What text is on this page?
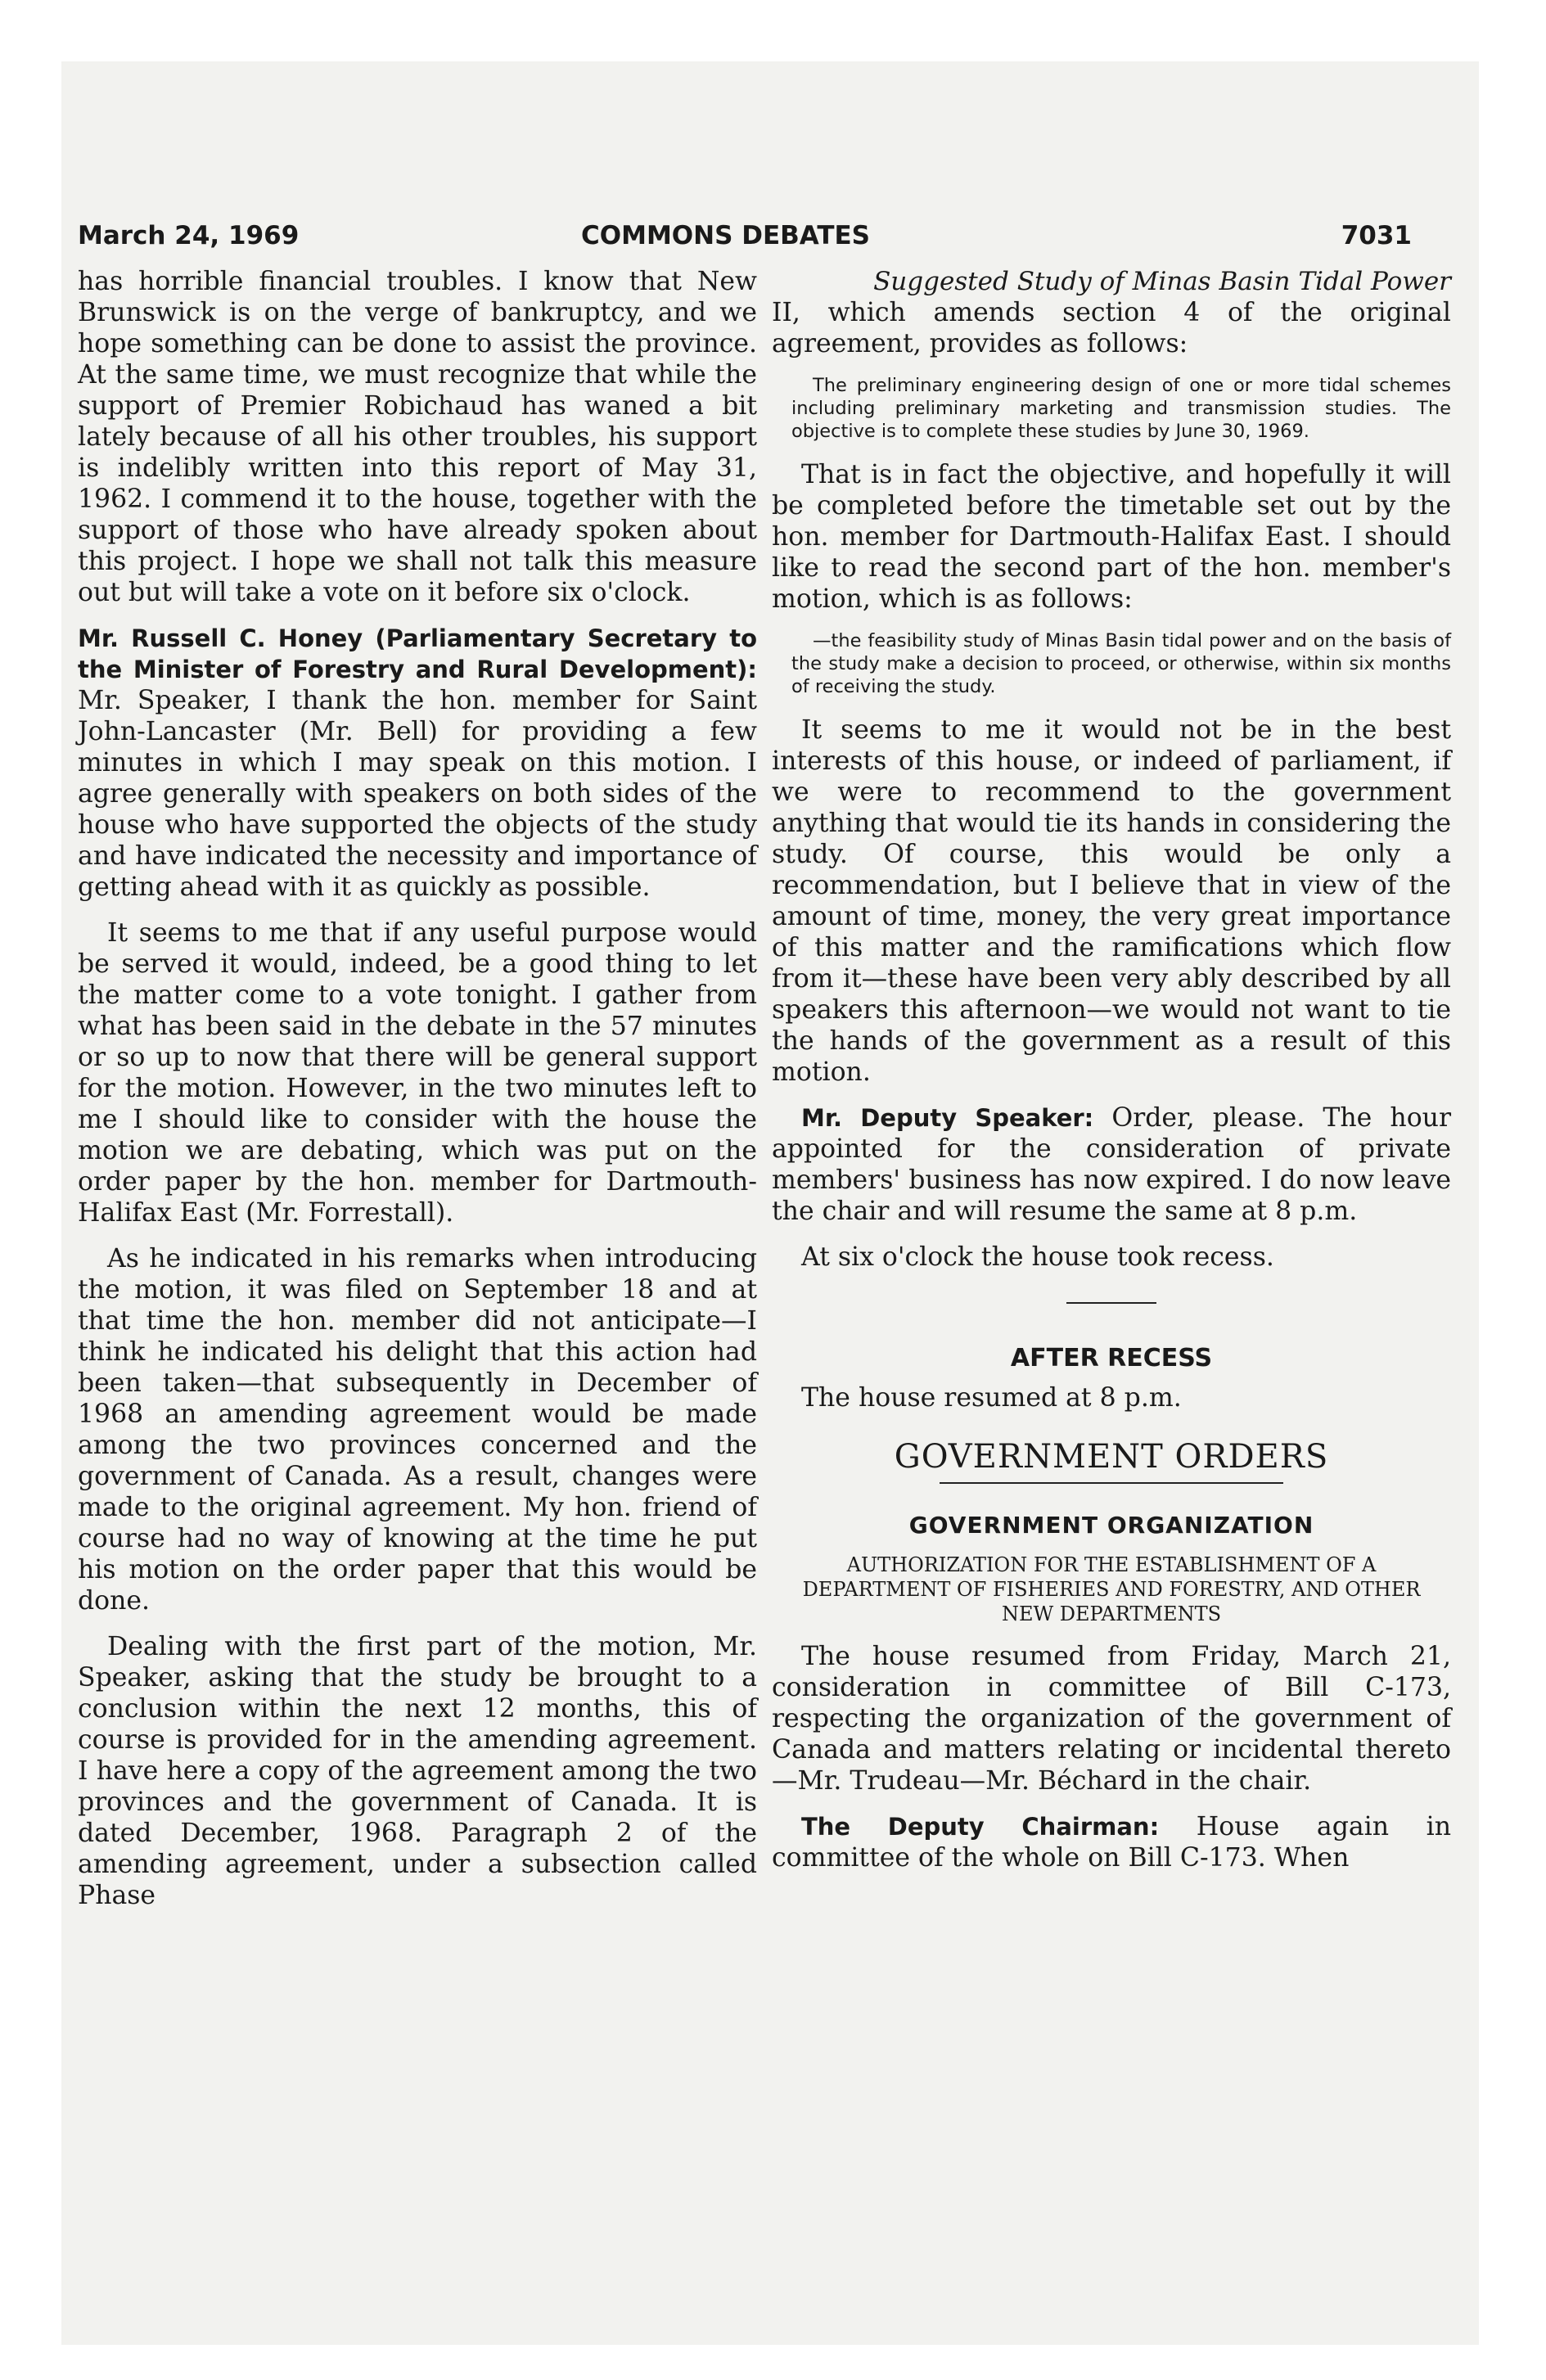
March 24, 1969	COMMONS DEBATES	7031

has horrible financial troubles. I know that New Brunswick is on the verge of bankruptcy, and we hope something can be done to assist the province. At the same time, we must recognize that while the support of Premier Robichaud has waned a bit lately because of all his other troubles, his support is indelibly written into this report of May 31, 1962. I commend it to the house, together with the support of those who have already spoken about this project. I hope we shall not talk this measure out but will take a vote on it before six o'clock.

Mr. Russell C. Honey (Parliamentary Secretary to the Minister of Forestry and Rural Development): Mr. Speaker, I thank the hon. member for Saint John-Lancaster (Mr. Bell) for providing a few minutes in which I may speak on this motion. I agree generally with speakers on both sides of the house who have supported the objects of the study and have indicated the necessity and importance of getting ahead with it as quickly as possible.

It seems to me that if any useful purpose would be served it would, indeed, be a good thing to let the matter come to a vote tonight. I gather from what has been said in the debate in the 57 minutes or so up to now that there will be general support for the motion. However, in the two minutes left to me I should like to consider with the house the motion we are debating, which was put on the order paper by the hon. member for Dartmouth-Halifax East (Mr. Forrestall).

As he indicated in his remarks when introducing the motion, it was filed on September 18 and at that time the hon. member did not anticipate—I think he indicated his delight that this action had been taken—that subsequently in December of 1968 an amending agreement would be made among the two provinces concerned and the government of Canada. As a result, changes were made to the original agreement. My hon. friend of course had no way of knowing at the time he put his motion on the order paper that this would be done.

Dealing with the first part of the motion, Mr. Speaker, asking that the study be brought to a conclusion within the next 12 months, this of course is provided for in the amending agreement. I have here a copy of the agreement among the two provinces and the government of Canada. It is dated December, 1968. Paragraph 2 of the amending agreement, under a subsection called Phase

Suggested Study of Minas Basin Tidal Power

II, which amends section 4 of the original agreement, provides as follows:

The preliminary engineering design of one or more tidal schemes including preliminary marketing and transmission studies. The objective is to complete these studies by June 30, 1969.

That is in fact the objective, and hopefully it will be completed before the timetable set out by the hon. member for Dartmouth-Halifax East. I should like to read the second part of the hon. member's motion, which is as follows:

—the feasibility study of Minas Basin tidal power and on the basis of the study make a decision to proceed, or otherwise, within six months of receiving the study.

It seems to me it would not be in the best interests of this house, or indeed of parliament, if we were to recommend to the government anything that would tie its hands in considering the study. Of course, this would be only a recommendation, but I believe that in view of the amount of time, money, the very great importance of this matter and the ramifications which flow from it—these have been very ably described by all speakers this afternoon—we would not want to tie the hands of the government as a result of this motion.

Mr. Deputy Speaker: Order, please. The hour appointed for the consideration of private members' business has now expired. I do now leave the chair and will resume the same at 8 p.m.

At six o'clock the house took recess.

AFTER RECESS

The house resumed at 8 p.m.

GOVERNMENT ORDERS
GOVERNMENT ORGANIZATION
AUTHORIZATION FOR THE ESTABLISHMENT OF A DEPARTMENT OF FISHERIES AND FORESTRY, AND OTHER NEW DEPARTMENTS

The house resumed from Friday, March 21, consideration in committee of Bill C-173, respecting the organization of the government of Canada and matters relating or incidental thereto—Mr. Trudeau—Mr. Béchard in the chair.

The Deputy Chairman: House again in committee of the whole on Bill C-173. When
